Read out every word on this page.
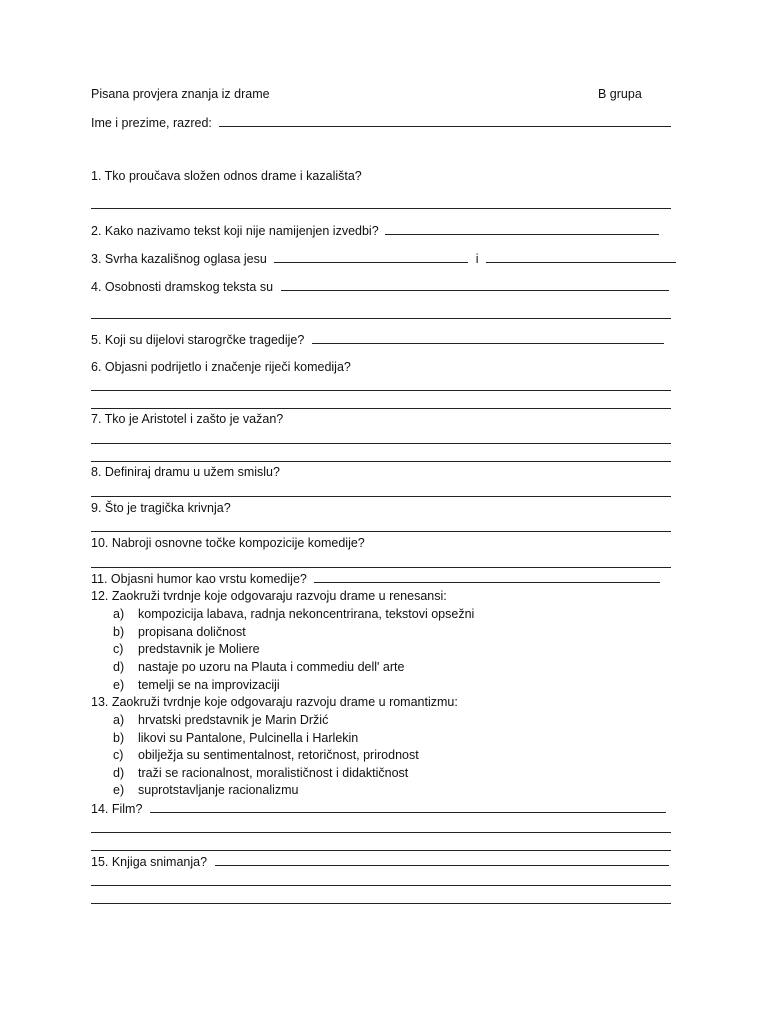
Pisana provjera znanja iz drame	B grupa
Ime i prezime, razred:
1. Tko proučava složen odnos drame i kazališta?
2. Kako nazivamo tekst koji nije namijenjen izvedbi?
3. Svrha kazališnog oglasa jesu	i
4. Osobnosti dramskog teksta su
5. Koji su dijelovi starogrčke tragedije?
6. Objasni podrijetlo i značenje riječi komedija?
7. Tko je Aristotel i zašto je važan?
8. Definiraj dramu u užem smislu?
9. Što je tragička krivnja?
10. Nabroji osnovne točke kompozicije komedije?
11. Objasni humor kao vrstu komedije?
12. Zaokruži tvrdnje koje odgovaraju razvoju drame u renesansi:
a) kompozicija labava, radnja nekoncentrirana, tekstovi opsežni
b) propisana doličnost
c) predstavnik je Moliere
d) nastaje po uzoru na Plauta i commediu dell' arte
e) temelji se na improvizaciji
13. Zaokruži tvrdnje koje odgovaraju razvoju drame u romantizmu:
a) hrvatski predstavnik je Marin Držić
b) likovi su Pantalone, Pulcinella i Harlekin
c) obilježja su sentimentalnost, retoričnost, prirodnost
d) traži se racionalnost, moralističnost i didaktičnost
e) suprotstavljanje racionalizmu
14. Film?
15. Knjiga snimanja?
